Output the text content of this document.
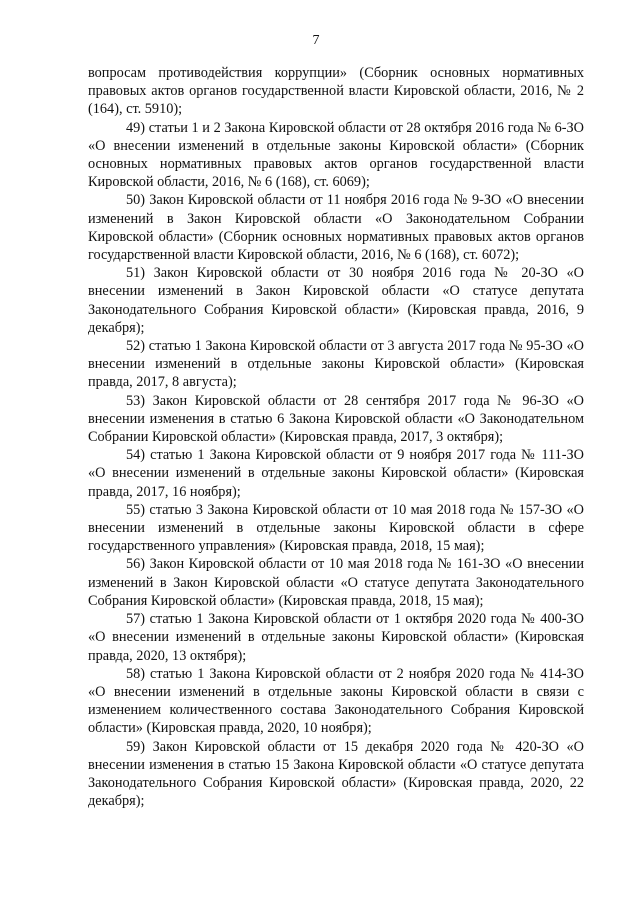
7

вопросам противодействия коррупции» (Сборник основных нормативных правовых актов органов государственной власти Кировской области, 2016, № 2 (164), ст. 5910);

49) статьи 1 и 2 Закона Кировской области от 28 октября 2016 года № 6-ЗО «О внесении изменений в отдельные законы Кировской области» (Сборник основных нормативных правовых актов органов государственной власти Кировской области, 2016, № 6 (168), ст. 6069);

50) Закон Кировской области от 11 ноября 2016 года № 9-ЗО «О внесении изменений в Закон Кировской области «О Законодательном Собрании Кировской области» (Сборник основных нормативных правовых актов органов государственной власти Кировской области, 2016, № 6 (168), ст. 6072);

51) Закон Кировской области от 30 ноября 2016 года № 20-ЗО «О внесении изменений в Закон Кировской области «О статусе депутата Законодательного Собрания Кировской области» (Кировская правда, 2016, 9 декабря);

52) статью 1 Закона Кировской области от 3 августа 2017 года № 95-ЗО «О внесении изменений в отдельные законы Кировской области» (Кировская правда, 2017, 8 августа);

53) Закон Кировской области от 28 сентября 2017 года № 96-ЗО «О внесении изменения в статью 6 Закона Кировской области «О Законодательном Собрании Кировской области» (Кировская правда, 2017, 3 октября);

54) статью 1 Закона Кировской области от 9 ноября 2017 года № 111-ЗО «О внесении изменений в отдельные законы Кировской области» (Кировская правда, 2017, 16 ноября);

55) статью 3 Закона Кировской области от 10 мая 2018 года № 157-ЗО «О внесении изменений в отдельные законы Кировской области в сфере государственного управления» (Кировская правда, 2018, 15 мая);

56) Закон Кировской области от 10 мая 2018 года № 161-ЗО «О внесении изменений в Закон Кировской области «О статусе депутата Законодательного Собрания Кировской области» (Кировская правда, 2018, 15 мая);

57) статью 1 Закона Кировской области от 1 октября 2020 года № 400-ЗО «О внесении изменений в отдельные законы Кировской области» (Кировская правда, 2020, 13 октября);

58) статью 1 Закона Кировской области от 2 ноября 2020 года № 414-ЗО «О внесении изменений в отдельные законы Кировской области в связи с изменением количественного состава Законодательного Собрания Кировской области» (Кировская правда, 2020, 10 ноября);

59) Закон Кировской области от 15 декабря 2020 года № 420-ЗО «О внесении изменения в статью 15 Закона Кировской области «О статусе депутата Законодательного Собрания Кировской области» (Кировская правда, 2020, 22 декабря);
